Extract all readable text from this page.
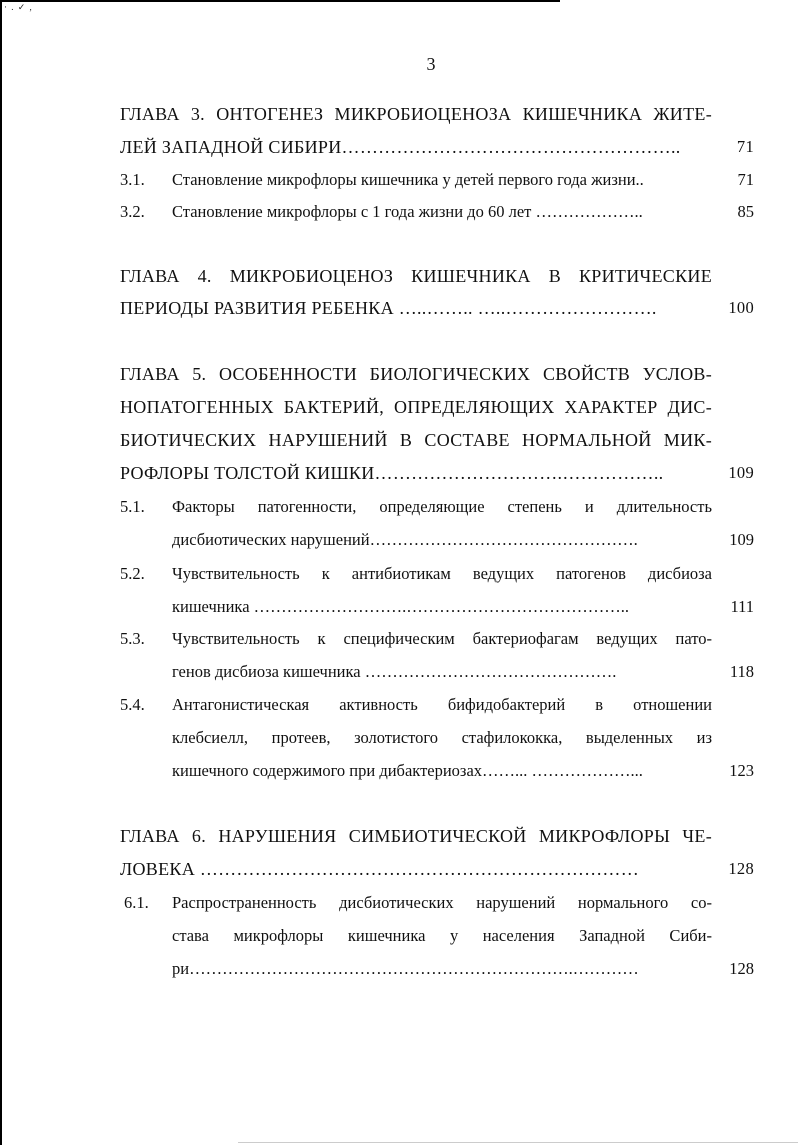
· . ✓ ,
3
ГЛАВА 3. ОНТОГЕНЕЗ МИКРОБИОЦЕНОЗА КИШЕЧНИКА ЖИТЕ-
ЛЕЙ ЗАПАДНОЙ СИБИРИ………………………………………………..	71
3.1. Становление микрофлоры кишечника у детей первого года жизни..	71
3.2. Становление микрофлоры с 1 года жизни до 60 лет ………………..	85
ГЛАВА 4. МИКРОБИОЦЕНОЗ КИШЕЧНИКА В КРИТИЧЕСКИЕ
ПЕРИОДЫ РАЗВИТИЯ РЕБЕНКА …..…….. …..…………………….	100
ГЛАВА 5. ОСОБЕННОСТИ БИОЛОГИЧЕСКИХ СВОЙСТВ УСЛОВ-
НОПАТОГЕННЫХ БАКТЕРИЙ, ОПРЕДЕЛЯЮЩИХ ХАРАКТЕР ДИС-
БИОТИЧЕСКИХ НАРУШЕНИЙ В СОСТАВЕ НОРМАЛЬНОЙ МИК-
РОФЛОРЫ ТОЛСТОЙ КИШКИ………………………….……………..	109
5.1. Факторы патогенности, определяющие степень и длительность
дисбиотических нарушений………………………………………….	109
5.2. Чувствительность к антибиотикам ведущих патогенов дисбиоза
кишечника ……………………….…………………………………..	111
5.3. Чувствительность к специфическим бактериофагам ведущих пато-
генов дисбиоза кишечника ……………………………………….	118
5.4. Антагонистическая активность бифидобактерий в отношении
клебсиелл, протеев, золотистого стафилококка, выделенных из
кишечного содержимого при дибактериозах……... ………………...	123
ГЛАВА 6. НАРУШЕНИЯ СИМБИОТИЧЕСКОЙ МИКРОФЛОРЫ ЧЕ-
ЛОВЕКА ………………………………………………………………	128
6.1. Распространенность дисбиотических нарушений нормального со-
става микрофлоры кишечника у населения Западной Сиби-
ри…………………………………………………………….…………	128
